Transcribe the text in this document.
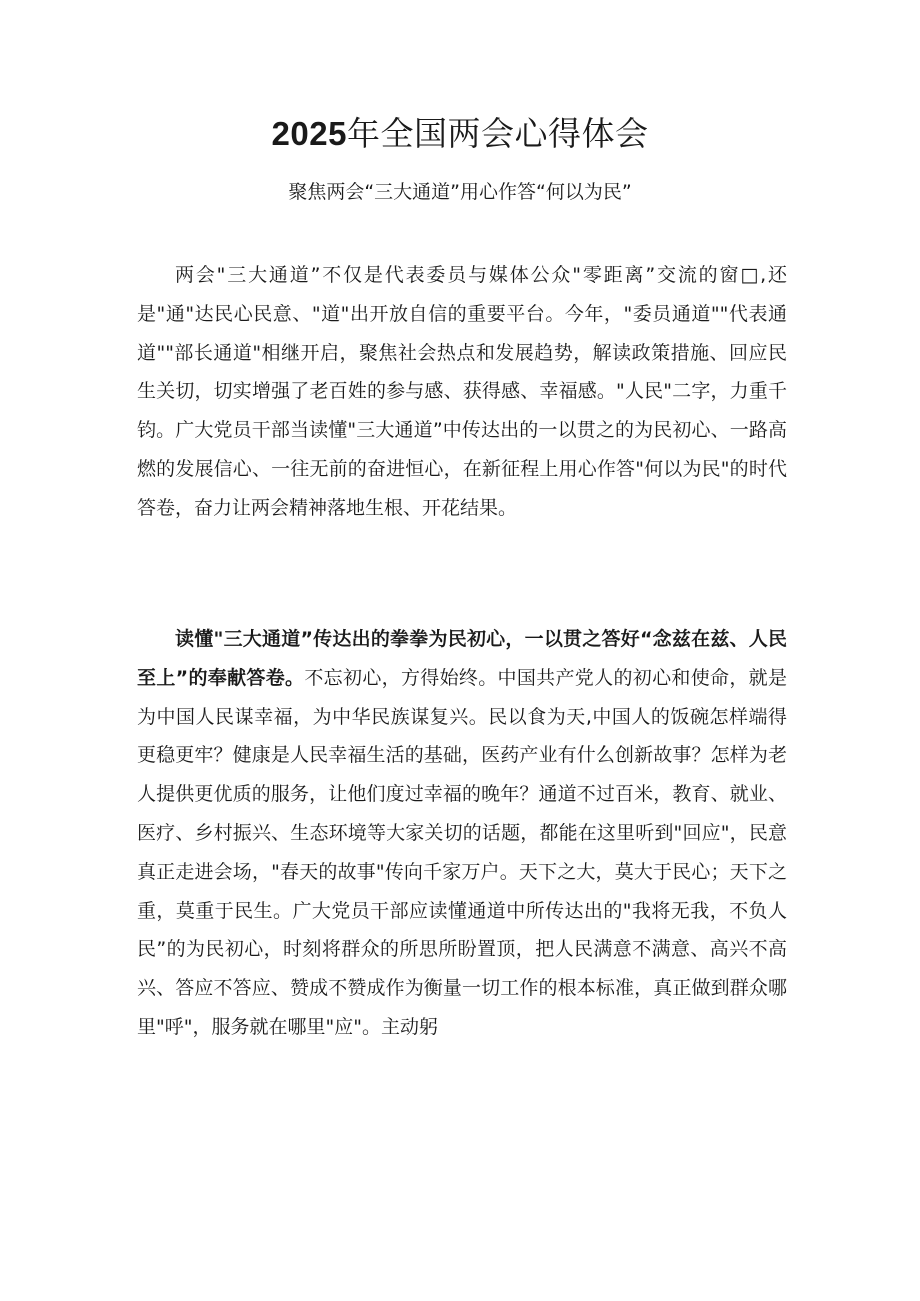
2025年全国两会心得体会

聚焦两会“三大通道”用心作答“何以为民”

两会"三大通道”不仅是代表委员与媒体公众"零距离”交流的窗□,还是"通"达民心民意、"道"出开放自信的重要平台。今年，"委员通道""代表通道""部长通道"相继开启，聚焦社会热点和发展趋势，解读政策措施、回应民生关切，切实增强了老百姓的参与感、获得感、幸福感。"人民"二字，力重千钧。广大党员干部当读懂"三大通道”中传达出的一以贯之的为民初心、一路高燃的发展信心、一往无前的奋进恒心，在新征程上用心作答"何以为民"的时代答卷，奋力让两会精神落地生根、开花结果。

读懂"三大通道”传达出的拳拳为民初心，一以贯之答好“念兹在兹、人民至上”的奉献答卷。不忘初心，方得始终。中国共产党人的初心和使命，就是为中国人民谋幸福，为中华民族谋复兴。民以食为天,中国人的饭碗怎样端得更稳更牢？健康是人民幸福生活的基础，医药产业有什么创新故事？怎样为老人提供更优质的服务，让他们度过幸福的晚年？通道不过百米，教育、就业、医疗、乡村振兴、生态环境等大家关切的话题，都能在这里听到"回应"，民意真正走进会场，"春天的故事"传向千家万户。天下之大，莫大于民心；天下之重，莫重于民生。广大党员干部应读懂通道中所传达出的"我将无我，不负人民”的为民初心，时刻将群众的所思所盼置顶，把人民满意不满意、高兴不高兴、答应不答应、赞成不赞成作为衡量一切工作的根本标准，真正做到群众哪里"呼"，服务就在哪里"应"。主动躬
